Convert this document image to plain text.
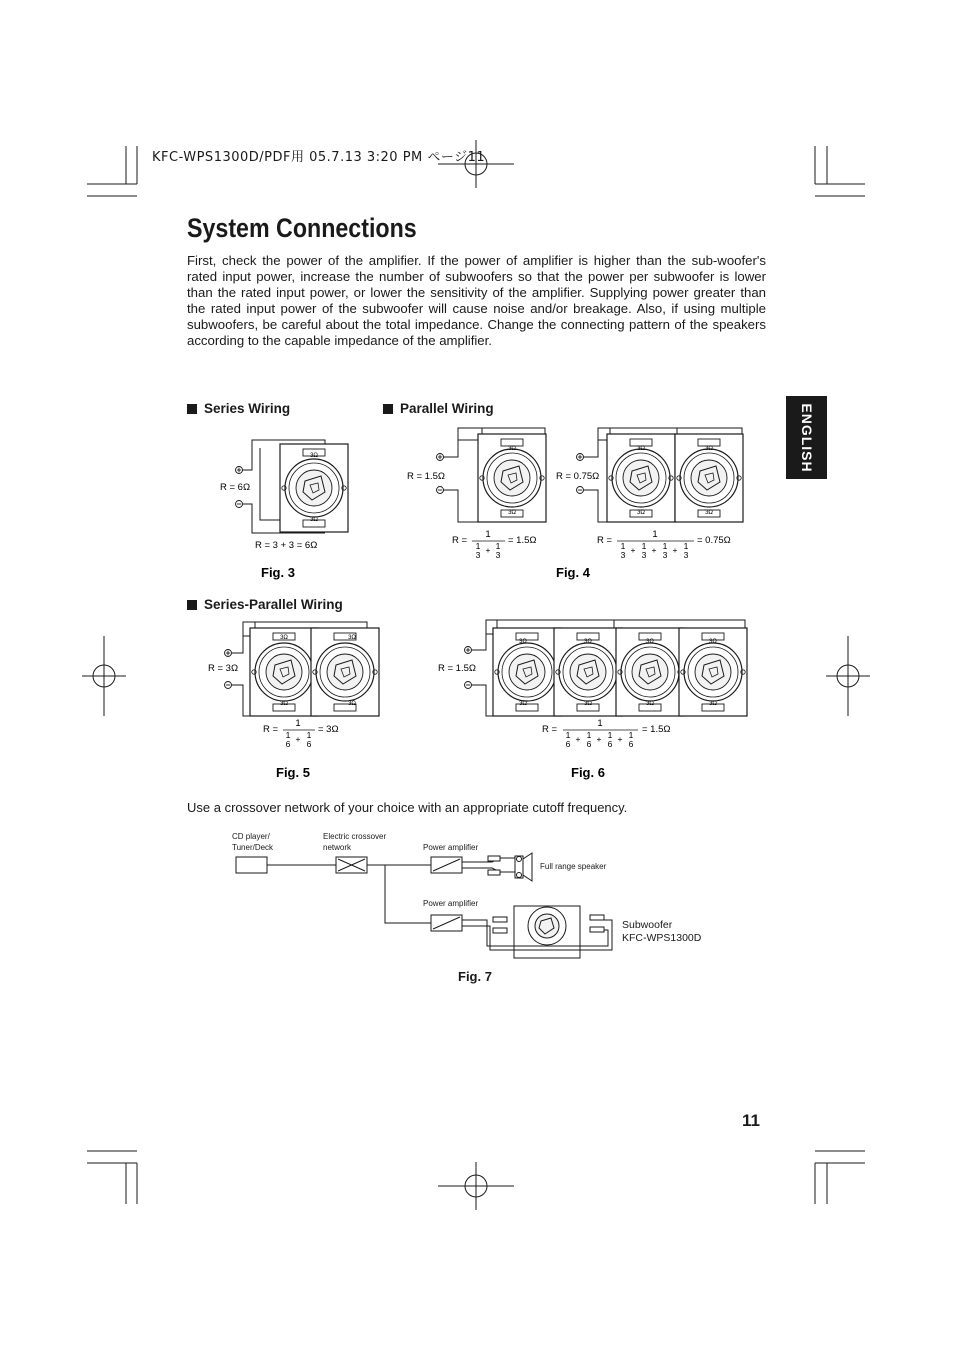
KFC-WPS1300D/PDF用 05.7.13 3:20 PM ページ11
System Connections

First, check the power of the amplifier. If the power of amplifier is higher than the sub-woofer's rated input power, increase the number of subwoofers so that the power per subwoofer is lower than the rated input power, or lower the sensitivity of the amplifier. Supplying power greater than the rated input power of the subwoofer will cause noise and/or breakage. Also, if using multiple subwoofers, be careful about the total impedance. Change the connecting pattern of the speakers according to the capable impedance of the amplifier.

ENGLISH
Series Wiring	Parallel Wiring
Series-Parallel Wiring
3Ω
3Ω
R = 6Ω
R = 3 + 3 = 6Ω
Fig. 3
3Ω
3Ω
R = 1.5Ω
R =
1
1
3 + 1
3
= 1.5Ω
3Ω
3Ω
3Ω
3Ω
R = 0.75Ω
R =
1
1
3 + 1
3 + 1
3 + 1
3
= 0.75Ω
Fig. 4
3Ω
3Ω
3Ω
3Ω
R = 3Ω
R =
1
1
6 + 1
6
= 3Ω
Fig. 5
3Ω
3Ω
3Ω
3Ω
3Ω
3Ω
3Ω
3Ω
R = 1.5Ω
R =
1
1
6 + 1
6 + 1
6 + 1
6
= 1.5Ω
Fig. 6
Use a crossover network of your choice with an appropriate cutoff frequency.
CD player/
Tuner/Deck
Electric crossover
network	Power amplifier
Power amplifier
Full range speaker
Subwoofer
KFC-WPS1300D
Fig. 7
11
